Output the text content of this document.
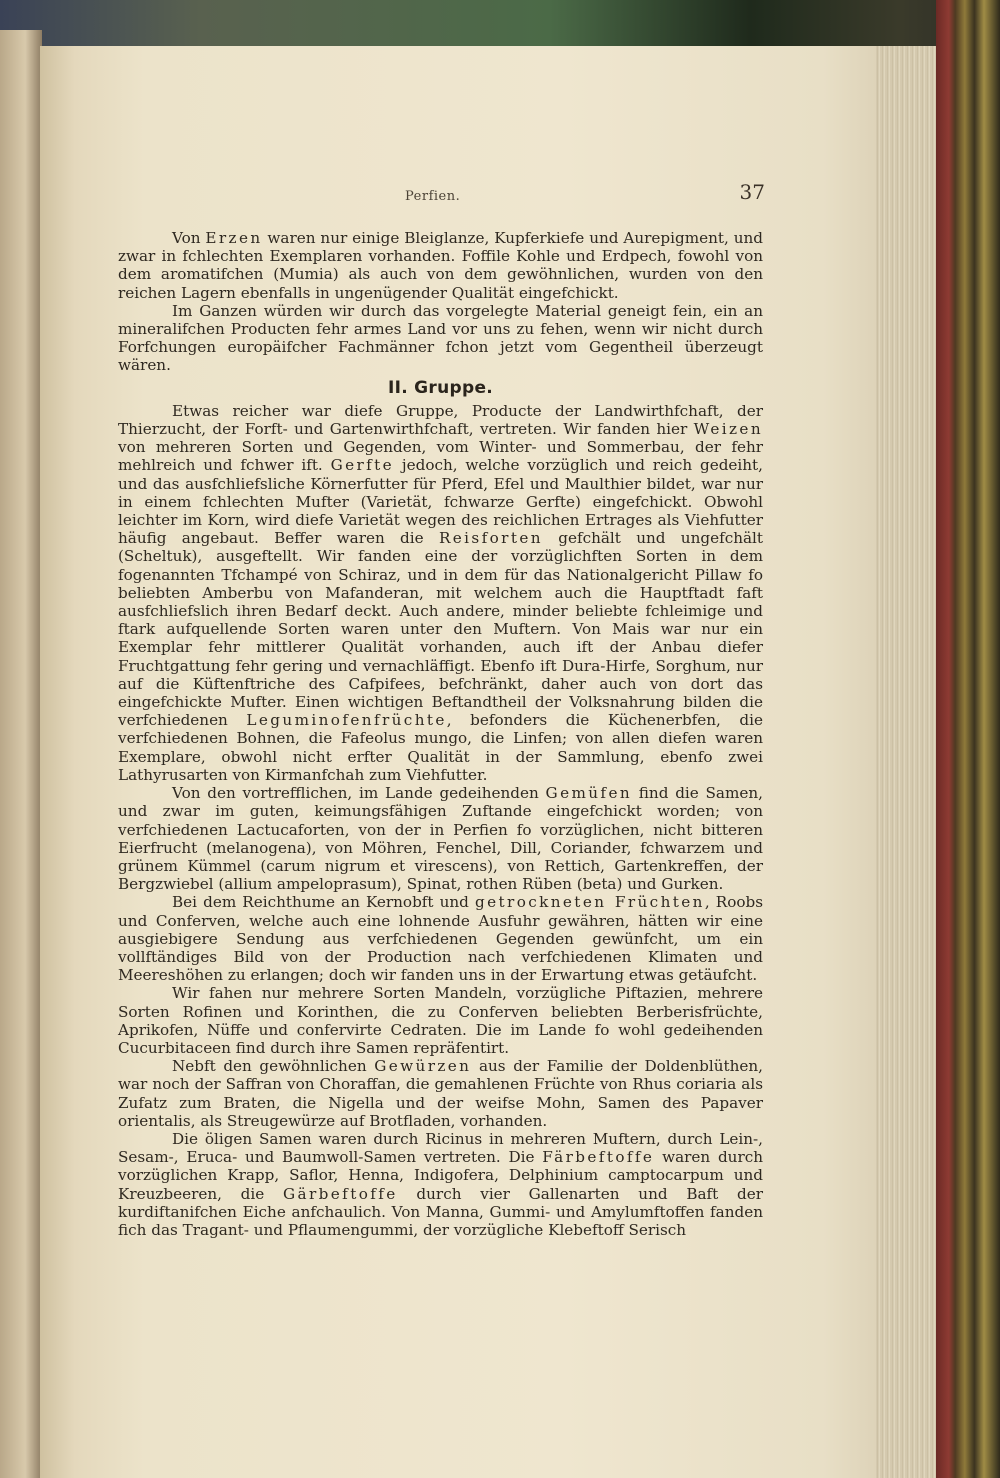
Perfien.	37

Von Erzen waren nur einige Bleiglanze, Kupferkiefe und Aurepigment, und zwar in fchlechten Exemplaren vorhanden. Foffile Kohle und Erdpech, fowohl von dem aromatifchen (Mumia) als auch von dem gewöhnlichen, wurden von den reichen Lagern ebenfalls in ungenügender Qualität eingefchickt.

Im Ganzen würden wir durch das vorgelegte Material geneigt fein, ein an mineralifchen Producten fehr armes Land vor uns zu fehen, wenn wir nicht durch Forfchungen europäifcher Fachmänner fchon jetzt vom Gegentheil überzeugt wären.

II. Gruppe.

Etwas reicher war diefe Gruppe, Producte der Landwirthfchaft, der Thierzucht, der Forft- und Gartenwirthfchaft, vertreten. Wir fanden hier Weizen von mehreren Sorten und Gegenden, vom Winter- und Sommerbau, der fehr mehlreich und fchwer ift. Gerfte jedoch, welche vorzüglich und reich gedeiht, und das ausfchliefsliche Körnerfutter für Pferd, Efel und Maulthier bildet, war nur in einem fchlechten Mufter (Varietät, fchwarze Gerfte) eingefchickt. Obwohl leichter im Korn, wird diefe Varietät wegen des reichlichen Ertrages als Viehfutter häufig angebaut. Beffer waren die Reisforten gefchält und ungefchält (Scheltuk), ausgeftellt. Wir fanden eine der vorzüglichften Sorten in dem fogenannten Tfchampé von Schiraz, und in dem für das Nationalgericht Pillaw fo beliebten Amberbu von Mafanderan, mit welchem auch die Hauptftadt faft ausfchliefslich ihren Bedarf deckt. Auch andere, minder beliebte fchleimige und ftark aufquellende Sorten waren unter den Muftern. Von Mais war nur ein Exemplar fehr mittlerer Qualität vorhanden, auch ift der Anbau diefer Fruchtgattung fehr gering und vernachläffigt. Ebenfo ift Dura-Hirfe, Sorghum, nur auf die Küftenftriche des Cafpifees, befchränkt, daher auch von dort das eingefchickte Mufter. Einen wichtigen Beftandtheil der Volksnahrung bilden die verfchiedenen Leguminofenfrüchte, befonders die Küchenerbfen, die verfchiedenen Bohnen, die Fafeolus mungo, die Linfen; von allen diefen waren Exemplare, obwohl nicht erfter Qualität in der Sammlung, ebenfo zwei Lathyrusarten von Kirmanfchah zum Viehfutter.

Von den vortrefflichen, im Lande gedeihenden Gemüfen find die Samen, und zwar im guten, keimungsfähigen Zuftande eingefchickt worden; von verfchiedenen Lactucaforten, von der in Perfien fo vorzüglichen, nicht bitteren Eierfrucht (melanogena), von Möhren, Fenchel, Dill, Coriander, fchwarzem und grünem Kümmel (carum nigrum et virescens), von Rettich, Gartenkreffen, der Bergzwiebel (allium ampeloprasum), Spinat, rothen Rüben (beta) und Gurken.

Bei dem Reichthume an Kernobft und getrockneten Früchten, Roobs und Conferven, welche auch eine lohnende Ausfuhr gewähren, hätten wir eine ausgiebigere Sendung aus verfchiedenen Gegenden gewünfcht, um ein vollftändiges Bild von der Production nach verfchiedenen Klimaten und Meereshöhen zu erlangen; doch wir fanden uns in der Erwartung etwas getäufcht.

Wir fahen nur mehrere Sorten Mandeln, vorzügliche Piftazien, mehrere Sorten Rofinen und Korinthen, die zu Conferven beliebten Berberisfrüchte, Aprikofen, Nüffe und confervirte Cedraten. Die im Lande fo wohl gedeihenden Cucurbitaceen find durch ihre Samen repräfentirt.

Nebft den gewöhnlichen Gewürzen aus der Familie der Doldenblüthen, war noch der Saffran von Choraffan, die gemahlenen Früchte von Rhus coriaria als Zufatz zum Braten, die Nigella und der weifse Mohn, Samen des Papaver orientalis, als Streugewürze auf Brotfladen, vorhanden.

Die öligen Samen waren durch Ricinus in mehreren Muftern, durch Lein-, Sesam-, Eruca- und Baumwoll-Samen vertreten. Die Färbeftoffe waren durch vorzüglichen Krapp, Saflor, Henna, Indigofera, Delphinium camptocarpum und Kreuzbeeren, die Gärbeftoffe durch vier Gallenarten und Baft der kurdiftanifchen Eiche anfchaulich. Von Manna, Gummi- und Amylumftoffen fanden fich das Tragant- und Pflaumengummi, der vorzügliche Klebeftoff Serisch
